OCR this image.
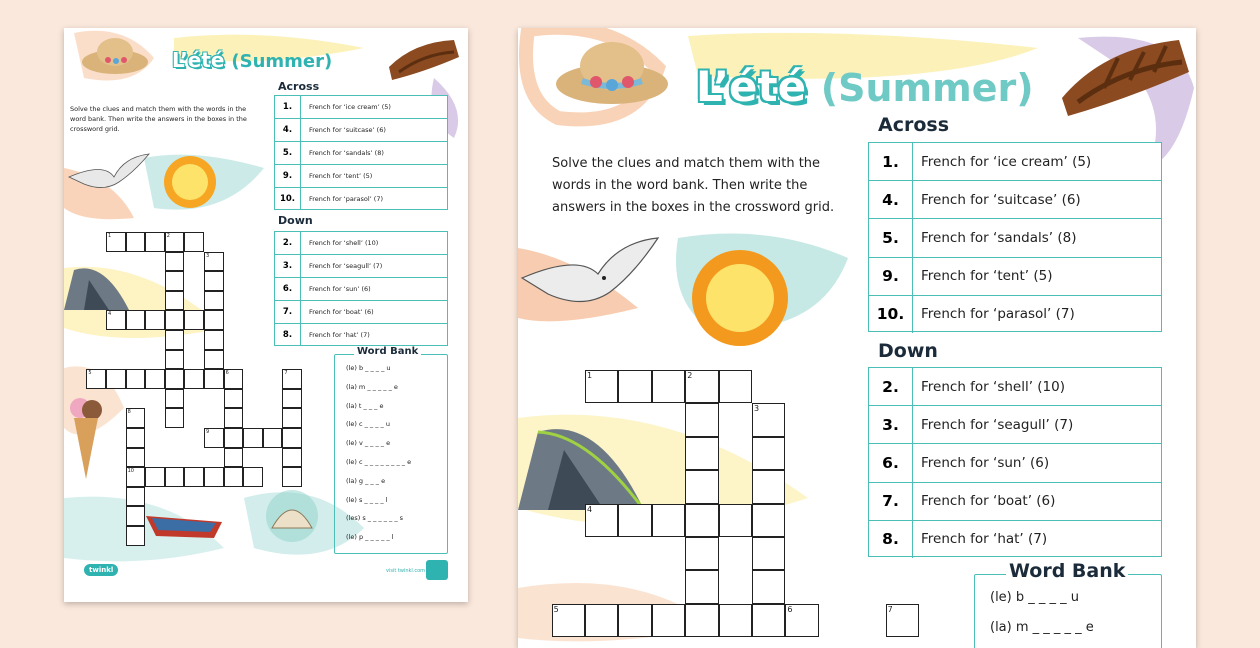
L’été (Summer)
Across
Solve the clues and match them with the words in the word bank. Then write the answers in the boxes in the crossword grid.
1.	French for ‘ice cream’ (5)
4.	French for ‘suitcase’ (6)
5.	French for ‘sandals’ (8)
9.	French for ‘tent’ (5)
10.	French for ‘parasol’ (7)
Down
2.	French for ‘shell’ (10)
3.	French for ‘seagull’ (7)
6.	French for ‘sun’ (6)
7.	French for ‘boat’ (6)
8.	French for ‘hat’ (7)
1	2
3
4
5	6	7
8
9
10
Word Bank
(le) b _ _ _ _ u
(la) m _ _ _ _ _ e
(la) t _ _ _ e
(le) c _ _ _ _ u
(le) v _ _ _ _ e
(le) c _ _ _ _ _ _ _ _ e
(la) g _ _ _ e
(le) s _ _ _ _ l
(les) s _ _ _ _ _ _ s
(le) p _ _ _ _ _ l
twinkl	visit twinkl.com
L’été (Summer)
Across
1.	French for ‘ice cream’ (5)
4.	French for ‘suitcase’ (6)
5.	French for ‘sandals’ (8)
9.	French for ‘tent’ (5)
10.	French for ‘parasol’ (7)
Down
2.	French for ‘shell’ (10)
3.	French for ‘seagull’ (7)
6.	French for ‘sun’ (6)
7.	French for ‘boat’ (6)
8.	French for ‘hat’ (7)
Solve the clues and match them with the
words in the word bank. Then write the
answers in the boxes in the crossword grid.
1	2
3
4
5	6	7
Word Bank
(le) b _ _ _ _ u
(la) m _ _ _ _ _ e
